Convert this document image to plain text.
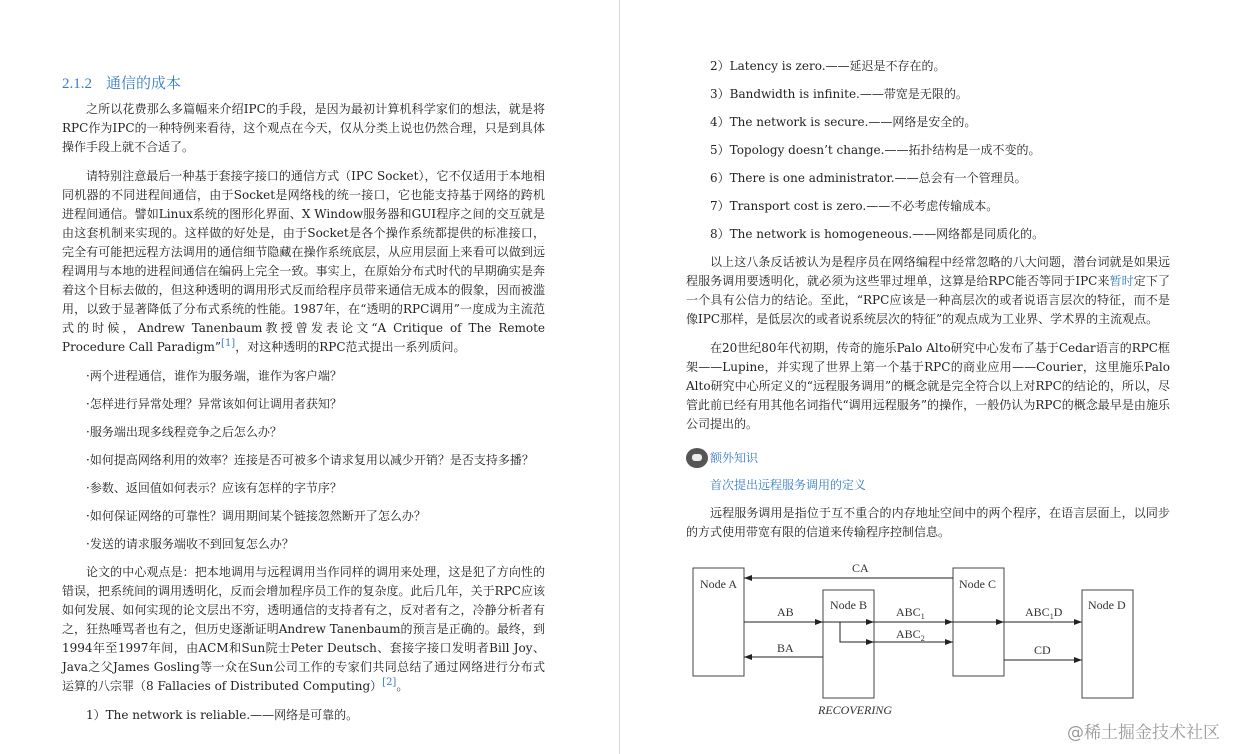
2.1.2 通信的成本

之所以花费那么多篇幅来介绍IPC的手段，是因为最初计算机科学家们的想法，就是将RPC作为IPC的一种特例来看待，这个观点在今天，仅从分类上说也仍然合理，只是到具体操作手段上就不合适了。

请特别注意最后一种基于套接字接口的通信方式（IPC Socket），它不仅适用于本地相同机器的不同进程间通信，由于Socket是网络栈的统一接口，它也能支持基于网络的跨机进程间通信。譬如Linux系统的图形化界面、X Window服务器和GUI程序之间的交互就是由这套机制来实现的。这样做的好处是，由于Socket是各个操作系统都提供的标准接口，完全有可能把远程方法调用的通信细节隐藏在操作系统底层，从应用层面上来看可以做到远程调用与本地的进程间通信在编码上完全一致。事实上，在原始分布式时代的早期确实是奔着这个目标去做的，但这种透明的调用形式反而给程序员带来通信无成本的假象，因而被滥用，以致于显著降低了分布式系统的性能。1987年，在“透明的RPC调用”一度成为主流范式的时候，Andrew Tanenbaum教授曾发表论文“A Critique of The Remote Procedure Call Paradigm”[1]，对这种透明的RPC范式提出一系列质问。

·两个进程通信，谁作为服务端，谁作为客户端？
·怎样进行异常处理？异常该如何让调用者获知？
·服务端出现多线程竞争之后怎么办？
·如何提高网络利用的效率？连接是否可被多个请求复用以减少开销？是否支持多播？
·参数、返回值如何表示？应该有怎样的字节序？
·如何保证网络的可靠性？调用期间某个链接忽然断开了怎么办？
·发送的请求服务端收不到回复怎么办？

论文的中心观点是：把本地调用与远程调用当作同样的调用来处理，这是犯了方向性的错误，把系统间的调用透明化，反而会增加程序员工作的复杂度。此后几年，关于RPC应该如何发展、如何实现的论文层出不穷，透明通信的支持者有之，反对者有之，冷静分析者有之，狂热唾骂者也有之，但历史逐渐证明Andrew Tanenbaum的预言是正确的。最终，到1994年至1997年间，由ACM和Sun院士Peter Deutsch、套接字接口发明者Bill Joy、Java之父James Gosling等一众在Sun公司工作的专家们共同总结了通过网络进行分布式运算的八宗罪（8 Fallacies of Distributed Computing）[2]。

1）The network is reliable.——网络是可靠的。
2）Latency is zero.——延迟是不存在的。
3）Bandwidth is infinite.——带宽是无限的。
4）The network is secure.——网络是安全的。
5）Topology doesn’t change.——拓扑结构是一成不变的。
6）There is one administrator.——总会有一个管理员。
7）Transport cost is zero.——不必考虑传输成本。
8）The network is homogeneous.——网络都是同质化的。

以上这八条反话被认为是程序员在网络编程中经常忽略的八大问题，潜台词就是如果远程服务调用要透明化，就必须为这些罪过埋单，这算是给RPC能否等同于IPC来暂时定下了一个具有公信力的结论。至此，“RPC应该是一种高层次的或者说语言层次的特征，而不是像IPC那样，是低层次的或者说系统层次的特征”的观点成为工业界、学术界的主流观点。

在20世纪80年代初期，传奇的施乐Palo Alto研究中心发布了基于Cedar语言的RPC框架——Lupine，并实现了世界上第一个基于RPC的商业应用——Courier，这里施乐Palo Alto研究中心所定义的“远程服务调用”的概念就是完全符合以上对RPC的结论的，所以，尽管此前已经有用其他名词指代“调用远程服务”的操作，一般仍认为RPC的概念最早是由施乐公司提出的。

额外知识
首次提出远程服务调用的定义

远程服务调用是指位于互不重合的内存地址空间中的两个程序，在语言层面上，以同步的方式使用带宽有限的信道来传输程序控制信息。

Node A
Node B
Node C
Node D
CA
AB
BA
$ABC_1$
$ABC_2$
$ABC_1D$
CD
RECOVERING
@稀土掘金技术社区
